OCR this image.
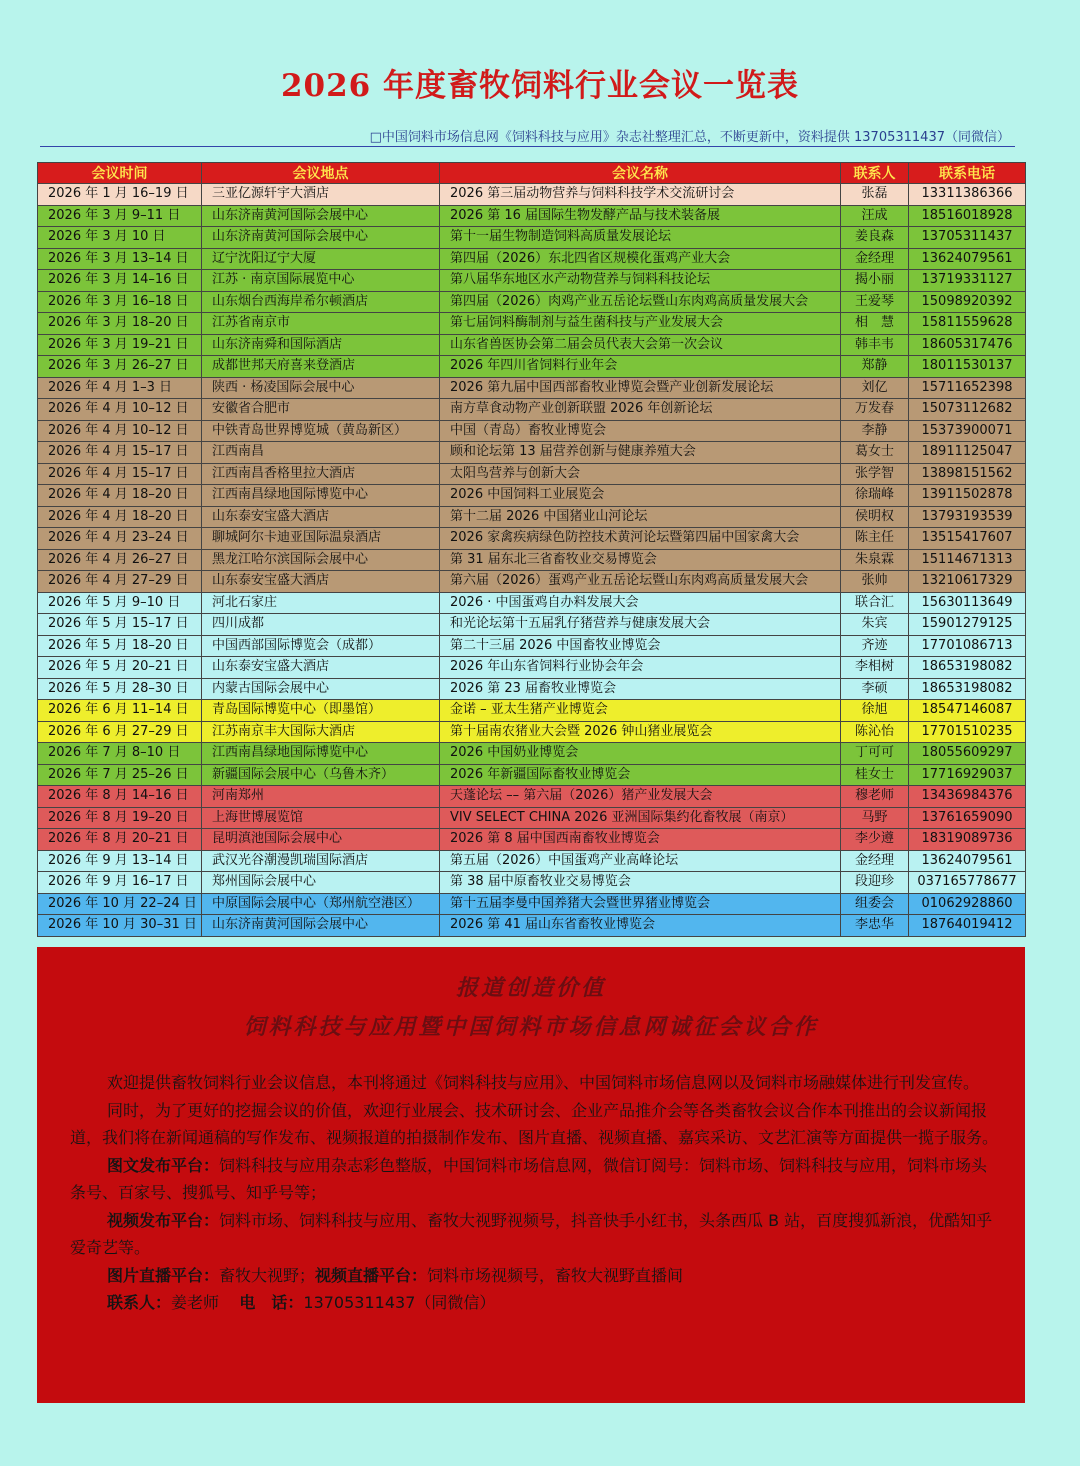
2026 年度畜牧饲料行业会议一览表
□中国饲料市场信息网《饲料科技与应用》杂志社整理汇总，不断更新中，资料提供 13705311437（同微信）
会议时间	会议地点	会议名称	联系人	联系电话
2026 年 1 月 16–19 日	三亚亿源轩宇大酒店	2026 第三届动物营养与饲料科技学术交流研讨会	张磊	13311386366
2026 年 3 月 9–11 日	山东济南黄河国际会展中心	2026 第 16 届国际生物发酵产品与技术装备展	汪成	18516018928
2026 年 3 月 10 日	山东济南黄河国际会展中心	第十一届生物制造饲料高质量发展论坛	姜良森	13705311437
2026 年 3 月 13–14 日	辽宁沈阳辽宁大厦	第四届（2026）东北四省区规模化蛋鸡产业大会	金经理	13624079561
2026 年 3 月 14–16 日	江苏 · 南京国际展览中心	第八届华东地区水产动物营养与饲料科技论坛	揭小丽	13719331127
2026 年 3 月 16–18 日	山东烟台西海岸希尔顿酒店	第四届（2026）肉鸡产业五岳论坛暨山东肉鸡高质量发展大会	王爱琴	15098920392
2026 年 3 月 18–20 日	江苏省南京市	第七届饲料酶制剂与益生菌科技与产业发展大会	相　慧	15811559628
2026 年 3 月 19–21 日	山东济南舜和国际酒店	山东省兽医协会第二届会员代表大会第一次会议	韩丰韦	18605317476
2026 年 3 月 26–27 日	成都世邦天府喜来登酒店	2026 年四川省饲料行业年会	郑静	18011530137
2026 年 4 月 1–3 日	陕西 · 杨凌国际会展中心	2026 第九届中国西部畜牧业博览会暨产业创新发展论坛	刘亿	15711652398
2026 年 4 月 10–12 日	安徽省合肥市	南方草食动物产业创新联盟 2026 年创新论坛	万发春	15073112682
2026 年 4 月 10–12 日	中铁青岛世界博览城（黄岛新区）	中国（青岛）畜牧业博览会	李静	15373900071
2026 年 4 月 15–17 日	江西南昌	顾和论坛第 13 届营养创新与健康养殖大会	葛女士	18911125047
2026 年 4 月 15–17 日	江西南昌香格里拉大酒店	太阳鸟营养与创新大会	张学智	13898151562
2026 年 4 月 18–20 日	江西南昌绿地国际博览中心	2026 中国饲料工业展览会	徐瑞峰	13911502878
2026 年 4 月 18–20 日	山东泰安宝盛大酒店	第十二届 2026 中国猪业山河论坛	侯明权	13793193539
2026 年 4 月 23–24 日	聊城阿尔卡迪亚国际温泉酒店	2026 家禽疾病绿色防控技术黄河论坛暨第四届中国家禽大会	陈主任	13515417607
2026 年 4 月 26–27 日	黑龙江哈尔滨国际会展中心	第 31 届东北三省畜牧业交易博览会	朱泉霖	15114671313
2026 年 4 月 27–29 日	山东泰安宝盛大酒店	第六届（2026）蛋鸡产业五岳论坛暨山东肉鸡高质量发展大会	张帅	13210617329
2026 年 5 月 9–10 日	河北石家庄	2026 · 中国蛋鸡自办料发展大会	联合汇	15630113649
2026 年 5 月 15–17 日	四川成都	和光论坛第十五届乳仔猪营养与健康发展大会	朱宾	15901279125
2026 年 5 月 18–20 日	中国西部国际博览会（成都）	第二十三届 2026 中国畜牧业博览会	齐迹	17701086713
2026 年 5 月 20–21 日	山东泰安宝盛大酒店	2026 年山东省饲料行业协会年会	李相树	18653198082
2026 年 5 月 28–30 日	内蒙古国际会展中心	2026 第 23 届畜牧业博览会	李硕	18653198082
2026 年 6 月 11–14 日	青岛国际博览中心（即墨馆）	金诺 – 亚太生猪产业博览会	徐旭	18547146087
2026 年 6 月 27–29 日	江苏南京丰大国际大酒店	第十届南农猪业大会暨 2026 钟山猪业展览会	陈沁怡	17701510235
2026 年 7 月 8–10 日	江西南昌绿地国际博览中心	2026 中国奶业博览会	丁可可	18055609297
2026 年 7 月 25–26 日	新疆国际会展中心（乌鲁木齐）	2026 年新疆国际畜牧业博览会	桂女士	17716929037
2026 年 8 月 14–16 日	河南郑州	天蓬论坛 –– 第六届（2026）猪产业发展大会	穆老师	13436984376
2026 年 8 月 19–20 日	上海世博展览馆	VIV SELECT CHINA 2026 亚洲国际集约化畜牧展（南京）	马野	13761659090
2026 年 8 月 20–21 日	昆明滇池国际会展中心	2026 第 8 届中国西南畜牧业博览会	李少遵	18319089736
2026 年 9 月 13–14 日	武汉光谷潮漫凯瑞国际酒店	第五届（2026）中国蛋鸡产业高峰论坛	金经理	13624079561
2026 年 9 月 16–17 日	郑州国际会展中心	第 38 届中原畜牧业交易博览会	段迎珍	037165778677
2026 年 10 月 22–24 日	中原国际会展中心（郑州航空港区）	第十五届李曼中国养猪大会暨世界猪业博览会	组委会	01062928860
2026 年 10 月 30–31 日	山东济南黄河国际会展中心	2026 第 41 届山东省畜牧业博览会	李忠华	18764019412
报道创造价值
饲料科技与应用暨中国饲料市场信息网诚征会议合作

欢迎提供畜牧饲料行业会议信息，本刊将通过《饲料科技与应用》、中国饲料市场信息网以及饲料市场融媒体进行刊发宣传。

同时，为了更好的挖掘会议的价值，欢迎行业展会、技术研讨会、企业产品推介会等各类畜牧会议合作本刊推出的会议新闻报道，我们将在新闻通稿的写作发布、视频报道的拍摄制作发布、图片直播、视频直播、嘉宾采访、文艺汇演等方面提供一揽子服务。

图文发布平台：饲料科技与应用杂志彩色整版，中国饲料市场信息网，微信订阅号：饲料市场、饲料科技与应用，饲料市场头条号、百家号、搜狐号、知乎号等；

视频发布平台：饲料市场、饲料科技与应用、畜牧大视野视频号，抖音快手小红书，头条西瓜 B 站，百度搜狐新浪，优酷知乎爱奇艺等。

图片直播平台：畜牧大视野；视频直播平台：饲料市场视频号，畜牧大视野直播间

联系人：姜老师 电　话：13705311437（同微信）
